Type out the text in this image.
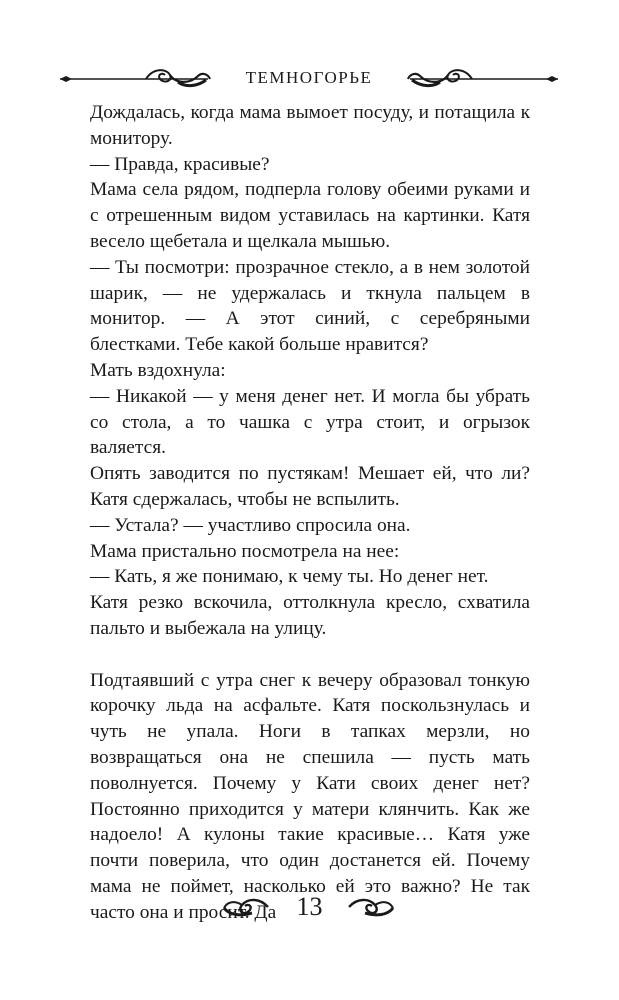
ТЕМНОГОРЬЕ

Дождалась, когда мама вымоет посуду, и потащила к монитору.

— Правда, красивые?

Мама села рядом, подперла голову обеими руками и с отрешенным видом уставилась на картинки. Катя весело щебетала и щелкала мышью.

— Ты посмотри: прозрачное стекло, а в нем золотой шарик, — не удержалась и ткнула пальцем в монитор. — А этот синий, с серебряными блестками. Тебе какой больше нравится?

Мать вздохнула:

— Никакой — у меня денег нет. И могла бы убрать со стола, а то чашка с утра стоит, и огрызок валяется.

Опять заводится по пустякам! Мешает ей, что ли? Катя сдержалась, чтобы не вспылить.

— Устала? — участливо спросила она.

Мама пристально посмотрела на нее:

— Кать, я же понимаю, к чему ты. Но денег нет.

Катя резко вскочила, оттолкнула кресло, схватила пальто и выбежала на улицу.

Подтаявший с утра снег к вечеру образовал тонкую корочку льда на асфальте. Катя поскользнулась и чуть не упала. Ноги в тапках мерзли, но возвращаться она не спешила — пусть мать поволнуется. Почему у Кати своих денег нет? Постоянно приходится у матери клянчить. Как же надоело! А кулоны такие красивые… Катя уже почти поверила, что один достанется ей. Почему мама не поймет, насколько ей это важно? Не так часто она и просит. Да 13
